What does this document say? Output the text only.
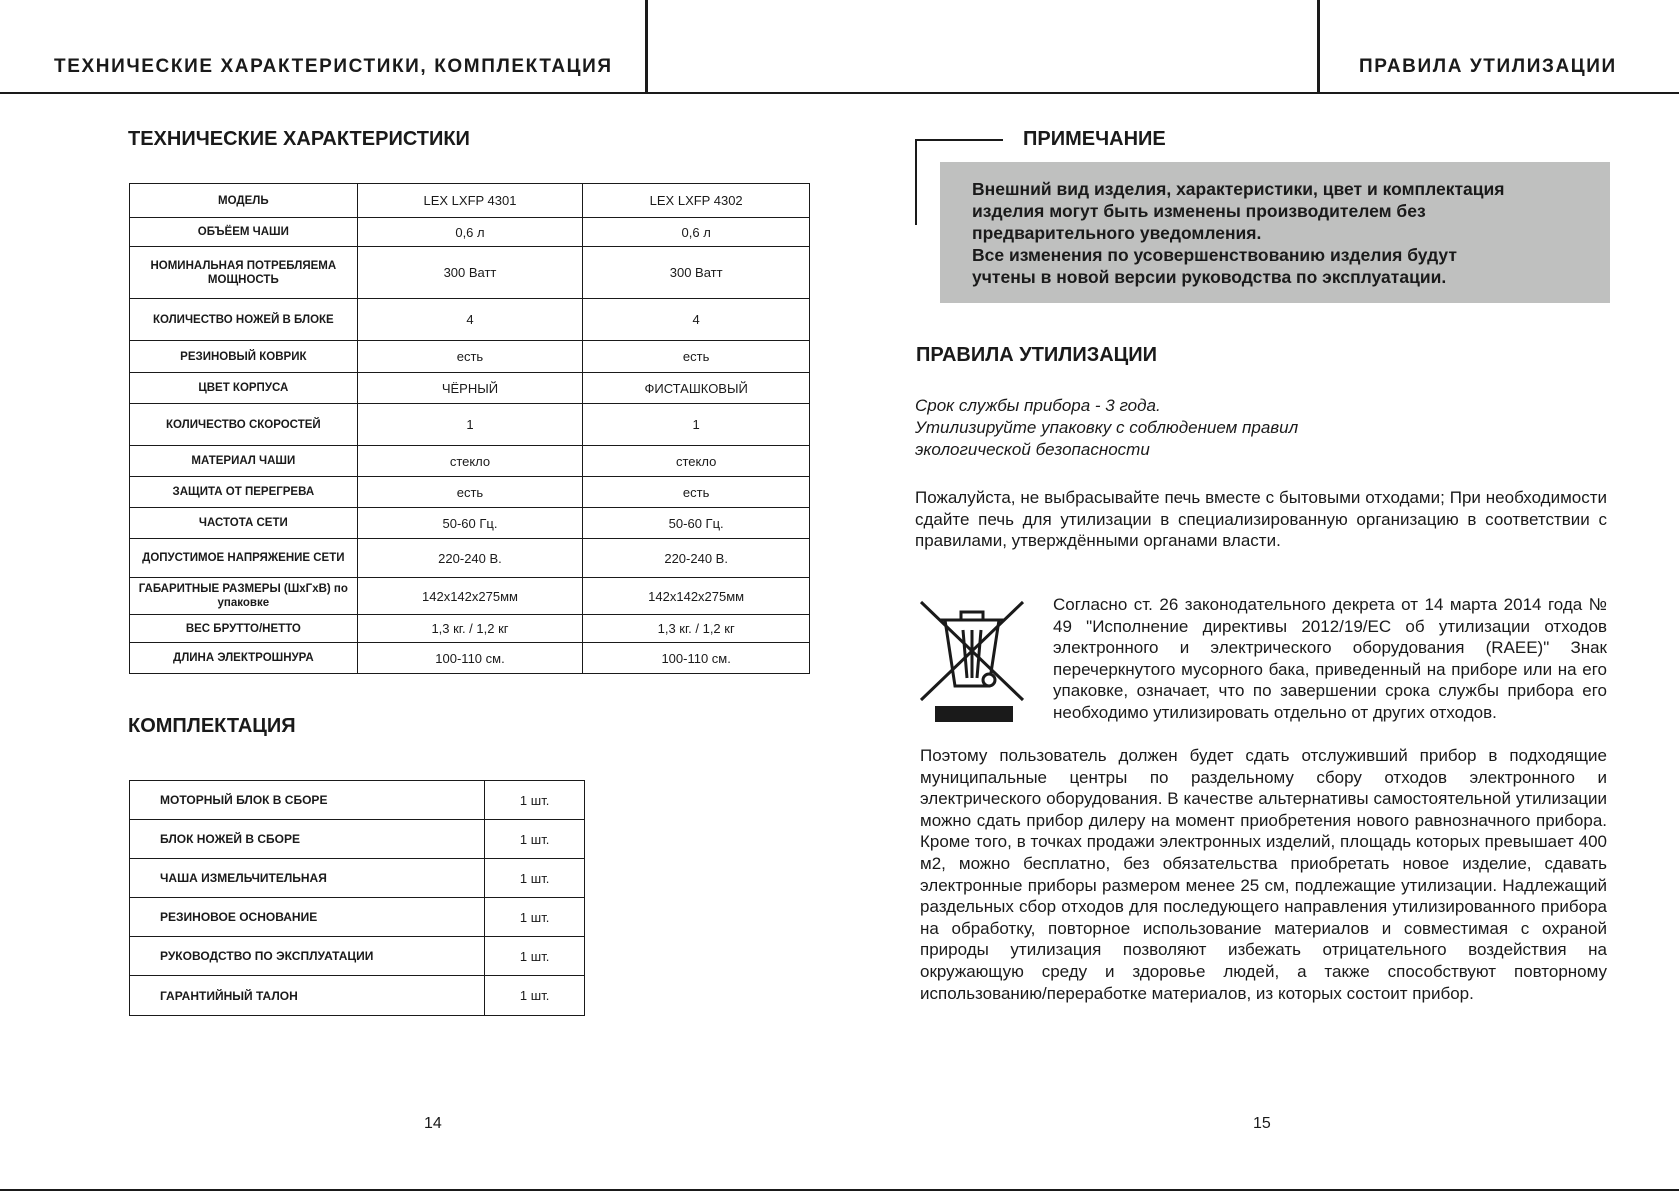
ТЕХНИЧЕСКИЕ ХАРАКТЕРИСТИКИ, КОМПЛЕКТАЦИЯ	ПРАВИЛА УТИЛИЗАЦИИ
ТЕХНИЧЕСКИЕ ХАРАКТЕРИСТИКИ
МОДЕЛЬ	LEX LXFP 4301	LEX LXFP 4302
ОБЪЁЕМ ЧАШИ	0,6 л	0,6 л
НОМИНАЛЬНАЯ ПОТРЕБЛЯЕМА МОЩНОСТЬ	300 Ватт	300 Ватт
КОЛИЧЕСТВО НОЖЕЙ В БЛОКЕ	4	4
РЕЗИНОВЫЙ КОВРИК	есть	есть
ЦВЕТ КОРПУСА	ЧЁРНЫЙ	ФИСТАШКОВЫЙ
КОЛИЧЕСТВО СКОРОСТЕЙ	1	1
МАТЕРИАЛ ЧАШИ	стекло	стекло
ЗАЩИТА ОТ ПЕРЕГРЕВА	есть	есть
ЧАСТОТА СЕТИ	50-60 Гц.	50-60 Гц.
ДОПУСТИМОЕ НАПРЯЖЕНИЕ СЕТИ	220-240 В.	220-240 В.
ГАБАРИТНЫЕ РАЗМЕРЫ (ШхГхВ) по упаковке	142x142x275мм	142x142x275мм
ВЕС БРУТТО/НЕТТО	1,3 кг. / 1,2 кг	1,3 кг. / 1,2 кг
ДЛИНА ЭЛЕКТРОШНУРА	100-110 см.	100-110 см.
КОМПЛЕКТАЦИЯ
МОТОРНЫЙ БЛОК В СБОРЕ	1 шт.
БЛОК НОЖЕЙ В СБОРЕ	1 шт.
ЧАША ИЗМЕЛЬЧИТЕЛЬНАЯ	1 шт.
РЕЗИНОВОЕ ОСНОВАНИЕ	1 шт.
РУКОВОДСТВО ПО ЭКСПЛУАТАЦИИ	1 шт.
ГАРАНТИЙНЫЙ ТАЛОН	1 шт.
ПРИМЕЧАНИЕ
Внешний вид изделия, характеристики, цвет и комплектация
изделия могут быть изменены производителем без
предварительного уведомления.
Все изменения по усовершенствованию изделия будут
учтены в новой версии руководства по эксплуатации.
ПРАВИЛА УТИЛИЗАЦИИ
Срок службы прибора - 3 года.
Утилизируйте упаковку с соблюдением правил
экологической безопасности
Пожалуйста, не выбрасывайте печь вместе с бытовыми отходами; При необходимости сдайте печь для утилизации в специализированную организацию в соответствии с правилами, утверждёнными органами власти.
Согласно ст. 26 законодательного декрета от 14 марта 2014 года № 49 "Исполнение директивы 2012/19/EC об утилизации отходов электронного и электрического оборудования (RAEE)" Знак перечеркнутого мусорного бака, приведенный на приборе или на его упаковке, означает, что по завершении срока службы прибора его необходимо утилизировать отдельно от других отходов.
Поэтому пользователь должен будет сдать отслуживший прибор в подходящие муниципальные центры по раздельному сбору отходов электронного и электрического оборудования. В качестве альтернативы самостоятельной утилизации можно сдать прибор дилеру на момент приобретения нового равнозначного прибора. Кроме того, в точках продажи электронных изделий, площадь которых превышает 400 м2, можно бесплатно, без обязательства приобретать новое изделие, сдавать электронные приборы размером менее 25 см, подлежащие утилизации. Надлежащий раздельных сбор отходов для последующего направления утилизированного прибора на обработку, повторное использование материалов и совместимая с охраной природы утилизация позволяют избежать отрицательного воздействия на окружающую среду и здоровье людей, а также способствуют повторному использованию/переработке материалов, из которых состоит прибор.
14	15
